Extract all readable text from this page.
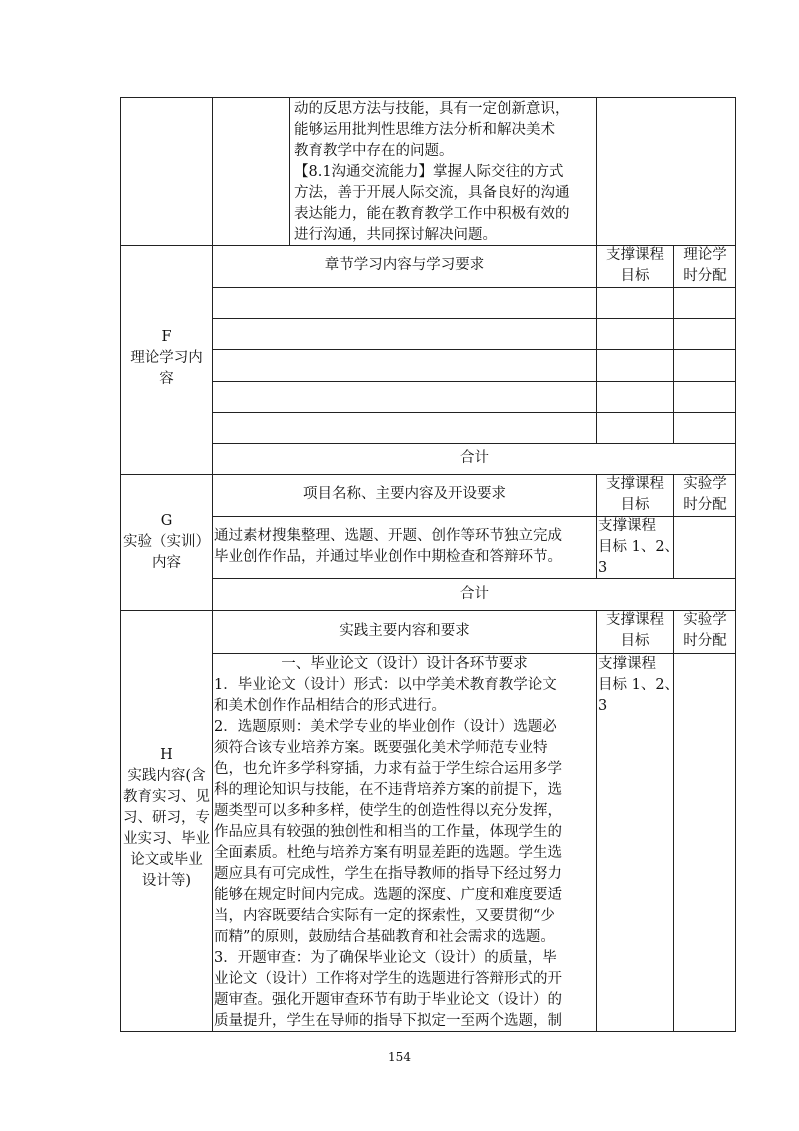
动的反思方法与技能，具有一定创新意识，
能够运用批判性思维方法分析和解决美术
教育教学中存在的问题。
【8.1沟通交流能力】掌握人际交往的方式
方法，善于开展人际交流，具备良好的沟通
表达能力，能在教育教学工作中积极有效的
进行沟通，共同探讨解决问题。
F
理论学习内
容
章节学习内容与学习要求
支撑课程
目标
理论学
时分配
合计
G
实验（实训）
内容
项目名称、主要内容及开设要求
支撑课程
目标
实验学
时分配
通过素材搜集整理、选题、开题、创作等环节独立完成
毕业创作作品，并通过毕业创作中期检查和答辩环节。
支撑课程
目标 1、2、
3
合计
H
实践内容(含
教育实习、见
习、研习，专
业实习、毕业
论文或毕业
设计等)
实践主要内容和要求
支撑课程
目标
实验学
时分配
一、毕业论文（设计）设计各环节要求
1．毕业论文（设计）形式：以中学美术教育教学论文
和美术创作作品相结合的形式进行。
2．选题原则：美术学专业的毕业创作（设计）选题必
须符合该专业培养方案。既要强化美术学师范专业特
色，也允许多学科穿插，力求有益于学生综合运用多学
科的理论知识与技能，在不违背培养方案的前提下，选
题类型可以多种多样，使学生的创造性得以充分发挥，
作品应具有较强的独创性和相当的工作量，体现学生的
全面素质。杜绝与培养方案有明显差距的选题。学生选
题应具有可完成性，学生在指导教师的指导下经过努力
能够在规定时间内完成。选题的深度、广度和难度要适
当，内容既要结合实际有一定的探索性，又要贯彻“少
而精”的原则，鼓励结合基础教育和社会需求的选题。
3．开题审查：为了确保毕业论文（设计）的质量，毕
业论文（设计）工作将对学生的选题进行答辩形式的开
题审查。强化开题审查环节有助于毕业论文（设计）的
质量提升，学生在导师的指导下拟定一至两个选题，制
支撑课程
目标 1、2、
3
154
